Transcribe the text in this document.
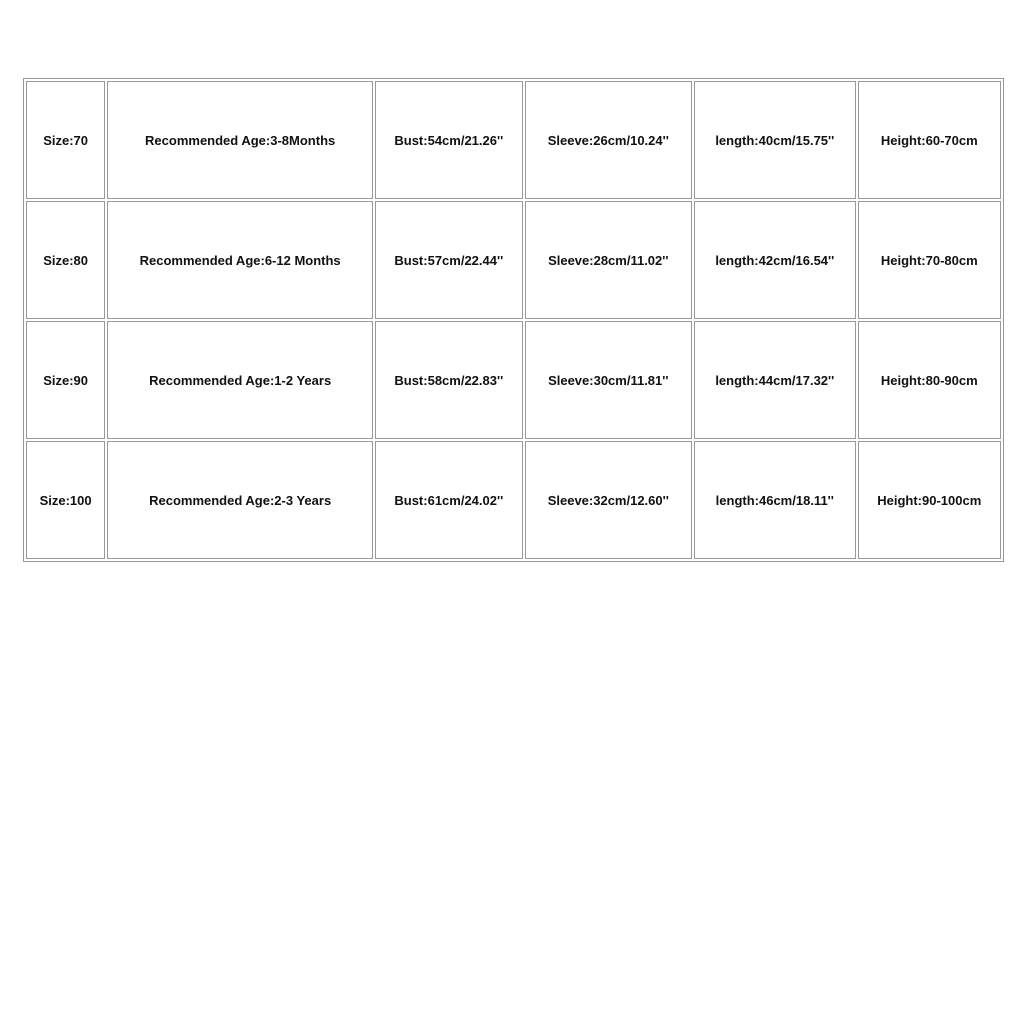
Size:70	Recommended Age:3-8Months	Bust:54cm/21.26''	Sleeve:26cm/10.24''	length:40cm/15.75''	Height:60-70cm
Size:80	Recommended Age:6-12 Months	Bust:57cm/22.44''	Sleeve:28cm/11.02''	length:42cm/16.54''	Height:70-80cm
Size:90	Recommended Age:1-2 Years	Bust:58cm/22.83''	Sleeve:30cm/11.81''	length:44cm/17.32''	Height:80-90cm
Size:100	Recommended Age:2-3 Years	Bust:61cm/24.02''	Sleeve:32cm/12.60''	length:46cm/18.11''	Height:90-100cm
